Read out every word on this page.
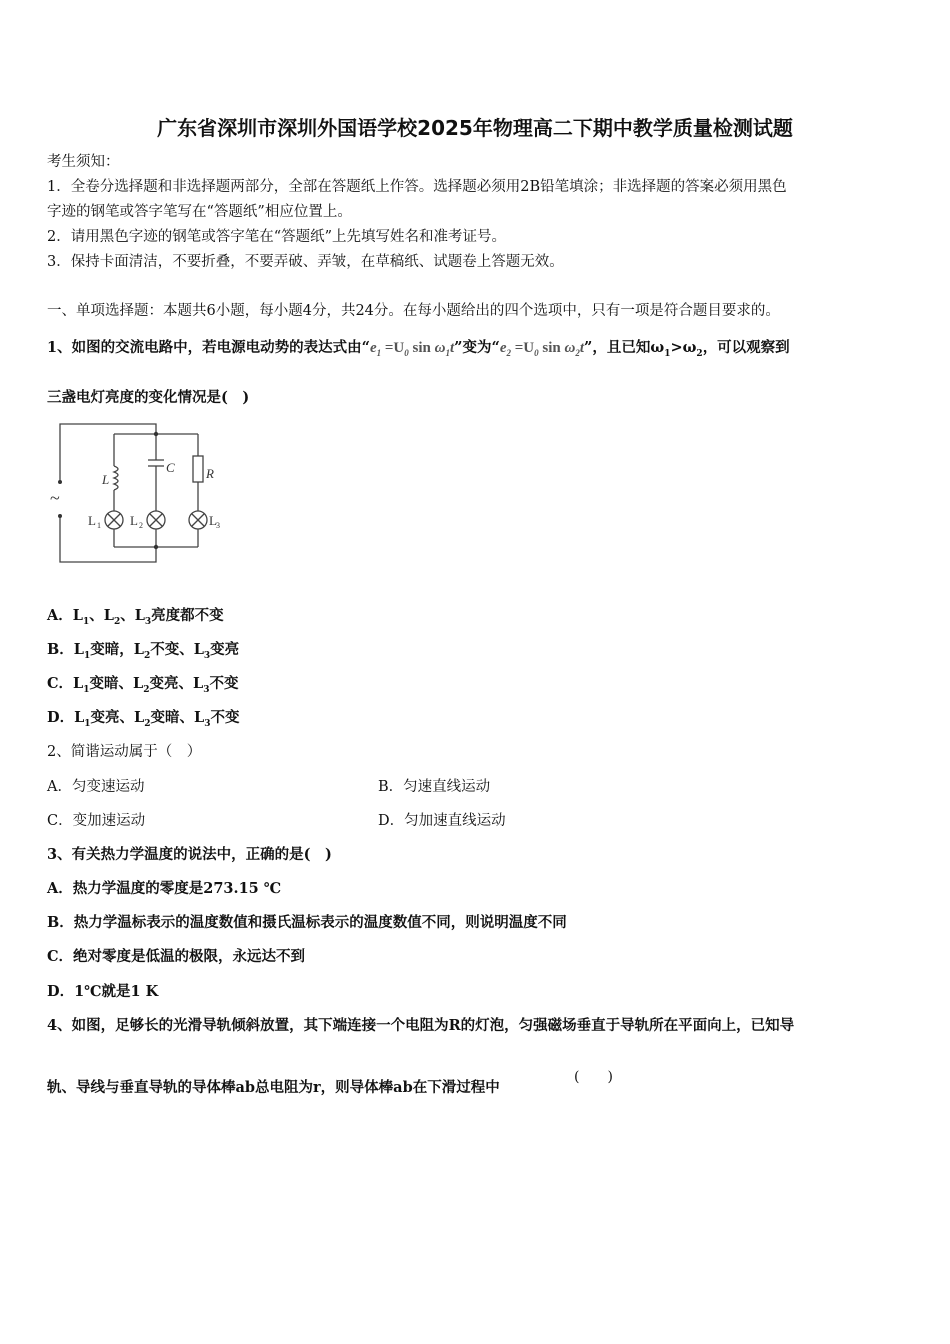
广东省深圳市深圳外国语学校2025年物理高二下期中教学质量检测试题
考生须知：
1．全卷分选择题和非选择题两部分，全部在答题纸上作答。选择题必须用2B铅笔填涂；非选择题的答案必须用黑色
字迹的钢笔或答字笔写在“答题纸”相应位置上。
2．请用黑色字迹的钢笔或答字笔在“答题纸”上先填写姓名和准考证号。
3．保持卡面清洁，不要折叠，不要弄破、弄皱，在草稿纸、试题卷上答题无效。
一、单项选择题：本题共6小题，每小题4分，共24分。在每小题给出的四个选项中，只有一项是符合题目要求的。
1、如图的交流电路中，若电源电动势的表达式由“$e_1 =U_0$ $\sin \omega_1t$”变为“$e_2 =U_0$ $\sin \omega_2t$”，且已知$\omega_1>\omega_2$，可以观察到
三盏电灯亮度的变化情况是(　)
~
L
C R
L 1 L 2	L 3
A．$L_1$、$L_2$、$L_3$亮度都不变
B．$L_1$变暗，$L_2$不变、$L_3$变亮
C．$L_1$变暗、$L_2$变亮、$L_3$不变
D．$L_1$变亮、$L_2$变暗、$L_3$不变
2、简谐运动属于（　）
A．匀变速运动	B．匀速直线运动
C．变加速运动	D．匀加速直线运动
3、有关热力学温度的说法中，正确的是(　)
A．热力学温度的零度是273.15 ℃
B．热力学温标表示的温度数值和摄氏温标表示的温度数值不同，则说明温度不同
C．绝对零度是低温的极限，永远达不到
D．1℃就是1 K
4、如图，足够长的光滑导轨倾斜放置，其下端连接一个电阻为R的灯泡，匀强磁场垂直于导轨所在平面向上，已知导
轨、导线与垂直导轨的导体棒ab总电阻为r，则导体棒ab在下滑过程中
(　　)
